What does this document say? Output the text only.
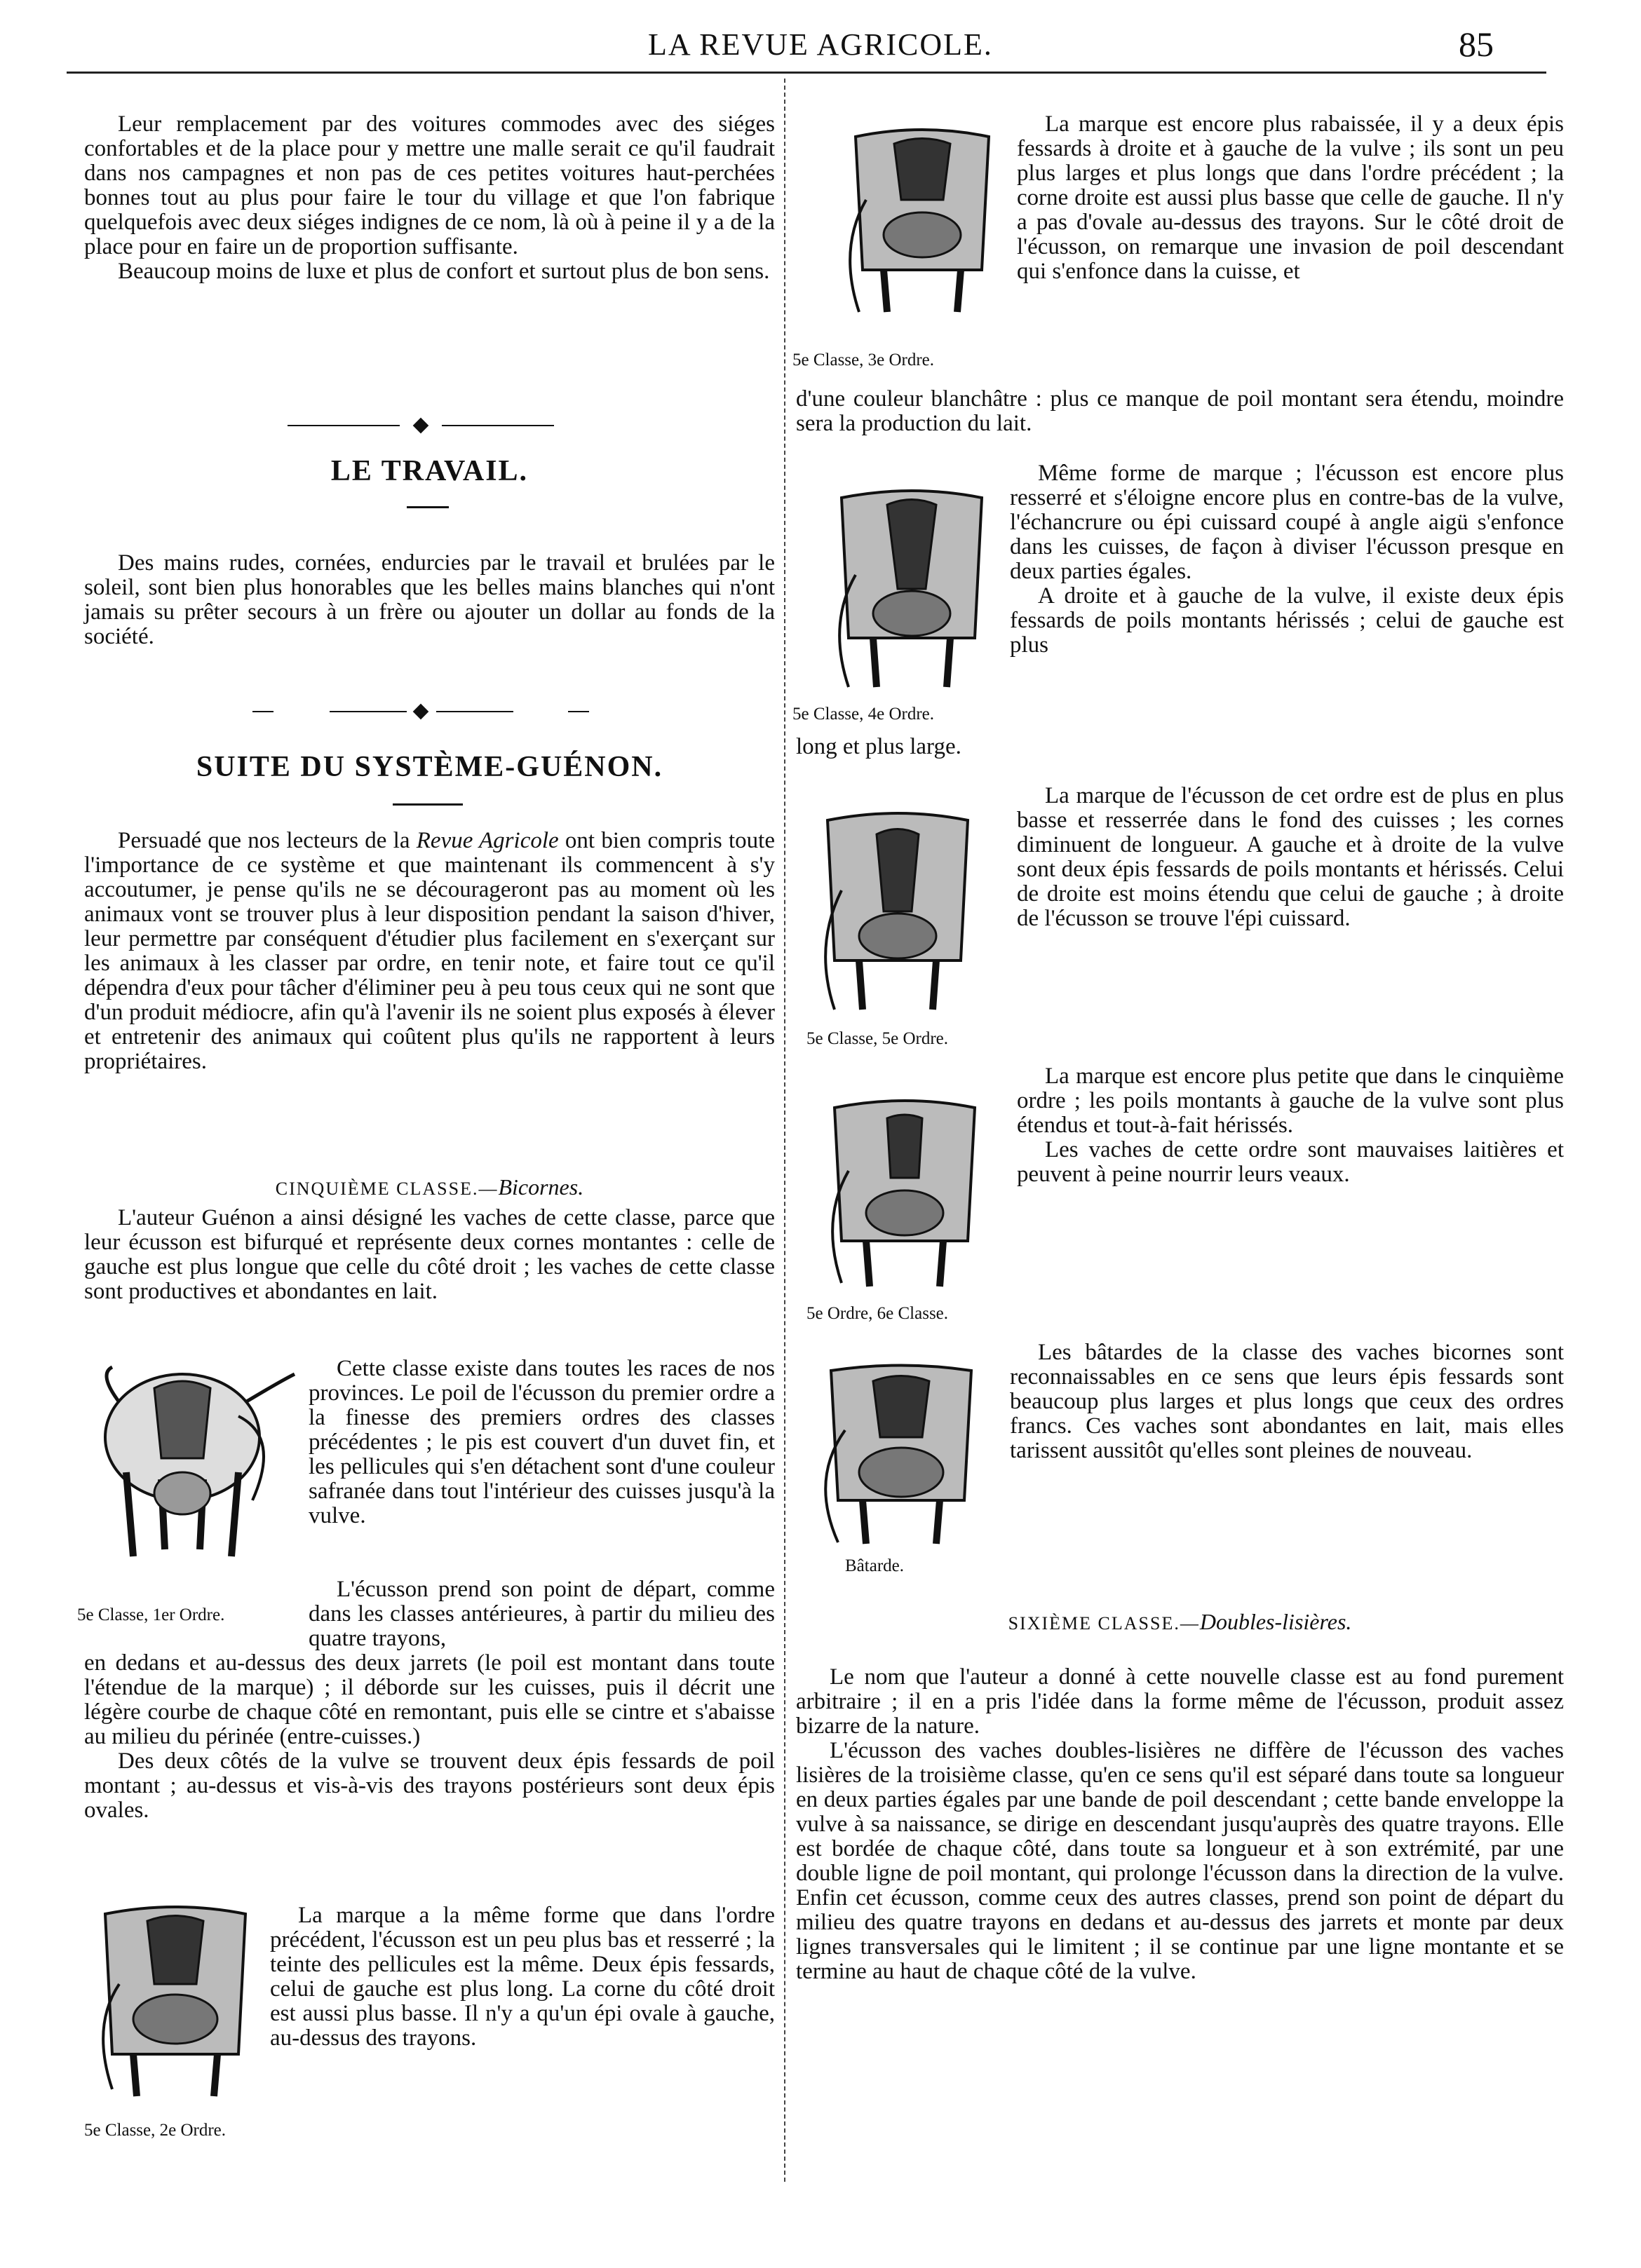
LA REVUE AGRICOLE.	85

Leur remplacement par des voitures commodes avec des siéges confortables et de la place pour y mettre une malle serait ce qu'il faudrait dans nos campagnes et non pas de ces petites voitures haut-perchées bonnes tout au plus pour faire le tour du village et que l'on fabrique quelquefois avec deux siéges indignes de ce nom, là où à peine il y a de la place pour en faire un de proportion suffisante.

Beaucoup moins de luxe et plus de confort et surtout plus de bon sens.

LE TRAVAIL.

Des mains rudes, cornées, endurcies par le travail et brulées par le soleil, sont bien plus honorables que les belles mains blanches qui n'ont jamais su prêter secours à un frère ou ajouter un dollar au fonds de la société.

SUITE DU SYSTÈME-GUÉNON.

Persuadé que nos lecteurs de la Revue Agricole ont bien compris toute l'importance de ce système et que maintenant ils commencent à s'y accoutumer, je pense qu'ils ne se décourageront pas au moment où les animaux vont se trouver plus à leur disposition pendant la saison d'hiver, leur permettre par conséquent d'étudier plus facilement en s'exerçant sur les animaux à les classer par ordre, en tenir note, et faire tout ce qu'il dépendra d'eux pour tâcher d'éliminer peu à peu tous ceux qui ne sont que d'un produit médiocre, afin qu'à l'avenir ils ne soient plus exposés à élever et entretenir des animaux qui coûtent plus qu'ils ne rapportent à leurs propriétaires.

CINQUIÈME CLASSE.—Bicornes.

L'auteur Guénon a ainsi désigné les vaches de cette classe, parce que leur écusson est bifurqué et représente deux cornes montantes : celle de gauche est plus longue que celle du côté droit ; les vaches de cette classe sont productives et abondantes en lait.

5e Classe, 1er Ordre.

Cette classe existe dans toutes les races de nos provinces. Le poil de l'écusson du premier ordre a la finesse des premiers ordres des classes précédentes ; le pis est couvert d'un duvet fin, et les pellicules qui s'en détachent sont d'une couleur safranée dans tout l'intérieur des cuisses jusqu'à la vulve.

L'écusson prend son point de départ, comme dans les classes antérieures, à partir du milieu des quatre trayons,

en dedans et au-dessus des deux jarrets (le poil est montant dans toute l'étendue de la marque) ; il déborde sur les cuisses, puis il décrit une légère courbe de chaque côté en remontant, puis elle se cintre et s'abaisse au milieu du périnée (entre-cuisses.)

Des deux côtés de la vulve se trouvent deux épis fessards de poil montant ; au-dessus et vis-à-vis des trayons postérieurs sont deux épis ovales.

5e Classe, 2e Ordre.

La marque a la même forme que dans l'ordre précédent, l'écusson est un peu plus bas et resserré ; la teinte des pellicules est la même. Deux épis fessards, celui de gauche est plus long. La corne du côté droit est aussi plus basse. Il n'y a qu'un épi ovale à gauche, au-dessus des trayons.

5e Classe, 3e Ordre.

La marque est encore plus rabaissée, il y a deux épis fessards à droite et à gauche de la vulve ; ils sont un peu plus larges et plus longs que dans l'ordre précédent ; la corne droite est aussi plus basse que celle de gauche. Il n'y a pas d'ovale au-dessus des trayons. Sur le côté droit de l'écusson, on remarque une invasion de poil descendant qui s'enfonce dans la cuisse, et

d'une couleur blanchâtre : plus ce manque de poil montant sera étendu, moindre sera la production du lait.

5e Classe, 4e Ordre.

Même forme de marque ; l'écusson est encore plus resserré et s'éloigne encore plus en contre-bas de la vulve, l'échancrure ou épi cuissard coupé à angle aigü s'enfonce dans les cuisses, de façon à diviser l'écusson presque en deux parties égales.

A droite et à gauche de la vulve, il existe deux épis fessards de poils montants hérissés ; celui de gauche est plus

long et plus large.

5e Classe, 5e Ordre.

La marque de l'écusson de cet ordre est de plus en plus basse et resserrée dans le fond des cuisses ; les cornes diminuent de longueur. A gauche et à droite de la vulve sont deux épis fessards de poils montants et hérissés. Celui de droite est moins étendu que celui de gauche ; à droite de l'écusson se trouve l'épi cuissard.

5e Ordre, 6e Classe.

La marque est encore plus petite que dans le cinquième ordre ; les poils montants à gauche de la vulve sont plus étendus et tout-à-fait hérissés.

Les vaches de cette ordre sont mauvaises laitières et peuvent à peine nourrir leurs veaux.

Bâtarde.

Les bâtardes de la classe des vaches bicornes sont reconnaissables en ce sens que leurs épis fessards sont beaucoup plus larges et plus longs que ceux des ordres francs. Ces vaches sont abondantes en lait, mais elles tarissent aussitôt qu'elles sont pleines de nouveau.

SIXIÈME CLASSE.—Doubles-lisières.

Le nom que l'auteur a donné à cette nouvelle classe est au fond purement arbitraire ; il en a pris l'idée dans la forme même de l'écusson, produit assez bizarre de la nature.

L'écusson des vaches doubles-lisières ne diffère de l'écusson des vaches lisières de la troisième classe, qu'en ce sens qu'il est séparé dans toute sa longueur en deux parties égales par une bande de poil descendant ; cette bande enveloppe la vulve à sa naissance, se dirige en descendant jusqu'auprès des quatre trayons. Elle est bordée de chaque côté, dans toute sa longueur et à son extrémité, par une double ligne de poil montant, qui prolonge l'écusson dans la direction de la vulve. Enfin cet écusson, comme ceux des autres classes, prend son point de départ du milieu des quatre trayons en dedans et au-dessus des jarrets et monte par deux lignes transversales qui le limitent ; il se continue par une ligne montante et se termine au haut de chaque côté de la vulve.
